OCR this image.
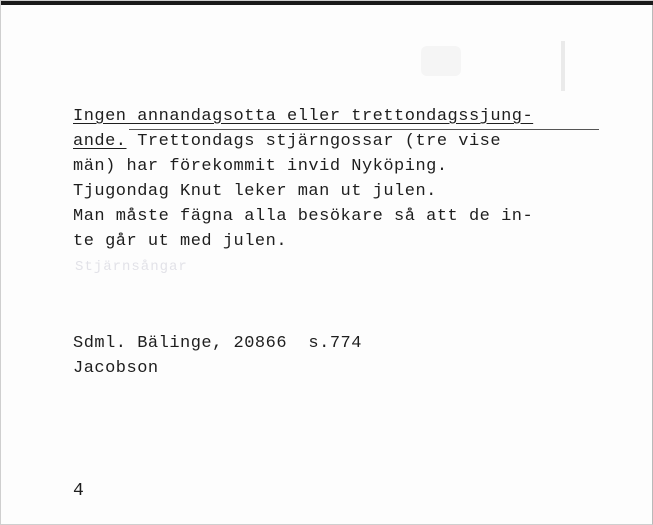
Ingen annandagsotta eller trettondagssjung-
ande. Trettondags stjärngossar (tre vise
män) har förekommit invid Nyköping.
Tjugondag Knut leker man ut julen.
Man måste fägna alla besökare så att de in-
te går ut med julen.
Stjärnsångar
Sdml. Bälinge, 20866  s.774
Jacobson
4
